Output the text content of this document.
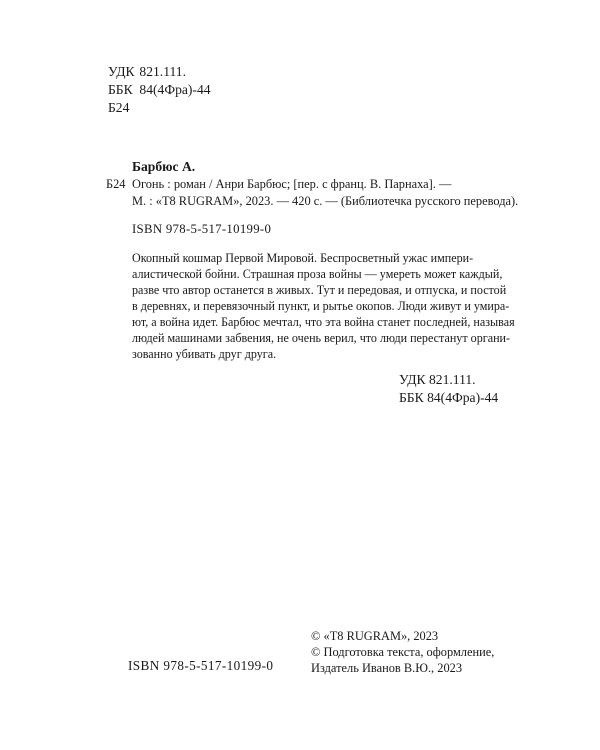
УДК 821.111.
ББК 84(4Фра)-44
Б24
Барбюс А.
Б24 Огонь : роман / Анри Барбюс; [пер. с франц. В. Парнаха]. —
М. : «T8 RUGRAM», 2023. — 420 с. — (Библиотечка русского перевода).
ISBN 978-5-517-10199-0
Окопный кошмар Первой Мировой. Беспросветный ужас импери-
алистической бойни. Страшная проза войны — умереть может каждый,
разве что автор останется в живых. Тут и передовая, и отпуска, и постой
в деревнях, и перевязочный пункт, и рытье окопов. Люди живут и умира-
ют, а война идет. Барбюс мечтал, что эта война станет последней, называя
людей машинами забвения, не очень верил, что люди перестанут органи-
зованно убивать друг друга.
УДК 821.111.
ББК 84(4Фра)-44
© «T8 RUGRAM», 2023
© Подготовка текста, оформление,
Издатель Иванов В.Ю., 2023
ISBN 978-5-517-10199-0
